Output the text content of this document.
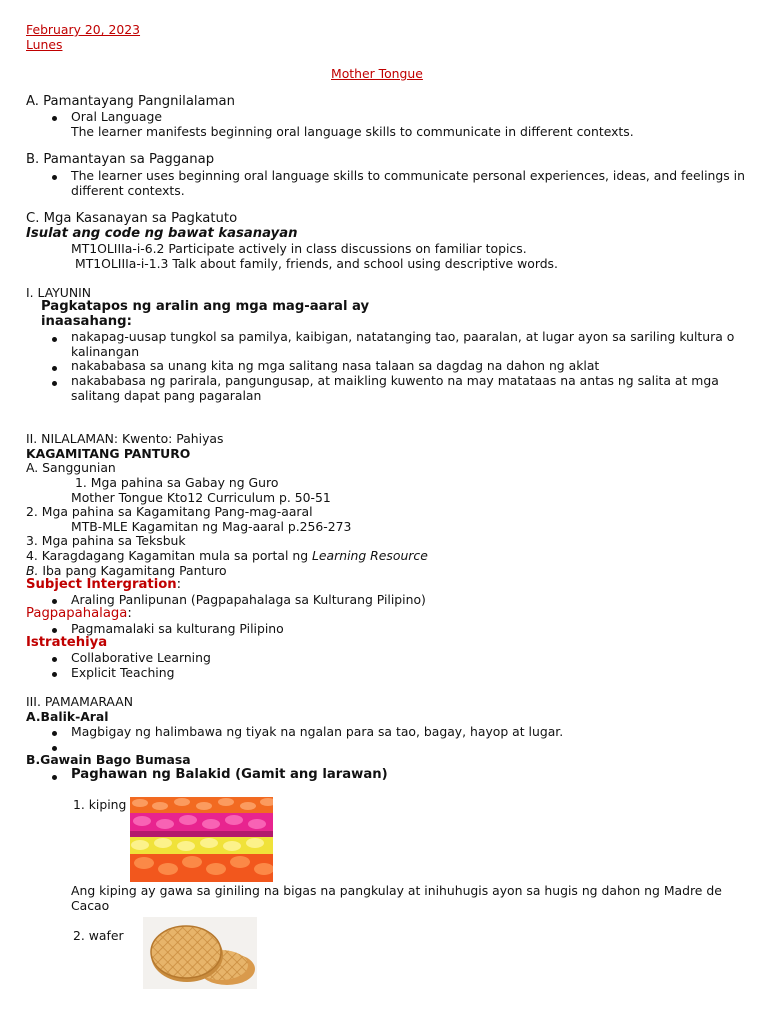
February 20, 2023
Lunes
Mother Tongue
A. Pamantayang Pangnilalaman
Oral Language
The learner manifests beginning oral language skills to communicate in different contexts.
B. Pamantayan sa Pagganap
The learner uses beginning oral language skills to communicate personal experiences, ideas, and feelings in
different contexts.
C. Mga Kasanayan sa Pagkatuto
Isulat ang code ng bawat kasanayan
MT1OLIIIa-i-6.2 Participate actively in class discussions on familiar topics.
MT1OLIIIa-i-1.3 Talk about family, friends, and school using descriptive words.
I. LAYUNIN
Pagkatapos ng aralin ang mga mag-aaral ay
inaasahang:
nakapag-uusap tungkol sa pamilya, kaibigan, natatanging tao, paaralan, at lugar ayon sa sariling kultura o
kalinangan
nakababasa sa unang kita ng mga salitang nasa talaan sa dagdag na dahon ng aklat
nakababasa ng parirala, pangungusap, at maikling kuwento na may matataas na antas ng salita at mga
salitang dapat pang pagaralan
II. NILALAMAN: Kwento: Pahiyas
KAGAMITANG PANTURO
A. Sanggunian
1. Mga pahina sa Gabay ng Guro
Mother Tongue Kto12 Curriculum p. 50-51
2. Mga pahina sa Kagamitang Pang-mag-aaral
MTB-MLE Kagamitan ng Mag-aaral p.256-273
3. Mga pahina sa Teksbuk
4. Karagdagang Kagamitan mula sa portal ng Learning Resource
B. Iba pang Kagamitang Panturo
Subject Intergration:
Araling Panlipunan (Pagpapahalaga sa Kulturang Pilipino)
Pagpapahalaga:
Pagmamalaki sa kulturang Pilipino
Istratehiya
Collaborative Learning
Explicit Teaching
III. PAMAMARAAN
A.Balik-Aral
Magbigay ng halimbawa ng tiyak na ngalan para sa tao, bagay, hayop at lugar.
B.Gawain Bago Bumasa
Paghawan ng Balakid (Gamit ang larawan)
1. kiping
Ang kiping ay gawa sa giniling na bigas na pangkulay at inihuhugis ayon sa hugis ng dahon ng Madre de
Cacao
2. wafer
